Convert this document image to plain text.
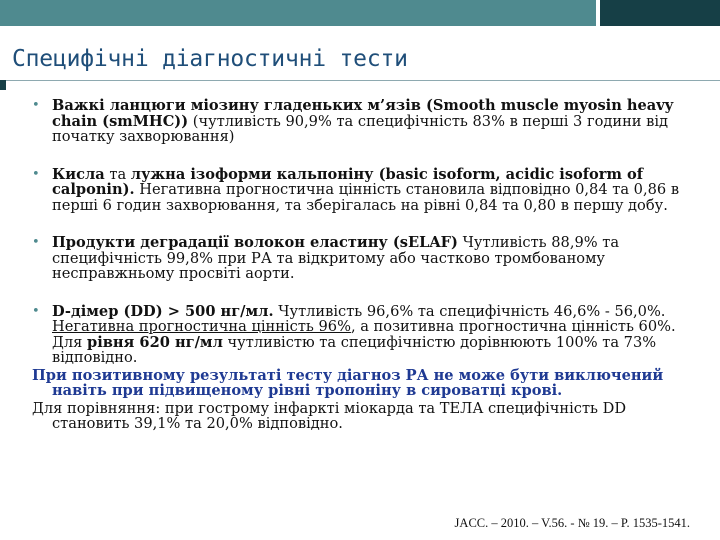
Специфічні діагностичні тести
• Важкі ланцюги міозину гладеньких м’язів (Smooth muscle myosin heavy chain (smMHC)) (чутливість 90,9% та специфічність 83% в перші 3 години від початку захворювання)
• Кисла та лужна ізоформи кальпоніну (basic isoform, acidic isoform of calponin). Негативна прогностична цінність становила відповідно 0,84 та 0,86 в перші 6 годин захворювання, та зберігалась на рівні 0,84 та 0,80 в першу добу.
• Продукти деградації волокон еластину (sELAF) Чутливість 88,9% та специфічність 99,8% при РА та відкритому або частково тромбованому несправжньому просвіті аорти.
• D-дімер (DD) > 500 нг/мл. Чутливість 96,6% та специфічність 46,6% - 56,0%. Негативна прогностична цінність 96%, а позитивна прогностична цінність 60%. Для рівня 620 нг/мл чутливістю та специфічністю дорівнюють 100% та 73% відповідно.
При позитивному результаті тесту діагноз РА не може бути виключений навіть при підвищеному рівні тропоніну в сироватці крові.
Для порівняння: при гострому інфаркті міокарда та ТЕЛА специфічність DD становить 39,1% та 20,0% відповідно.
JACC. – 2010. – V.56. - № 19. – P. 1535-1541.
